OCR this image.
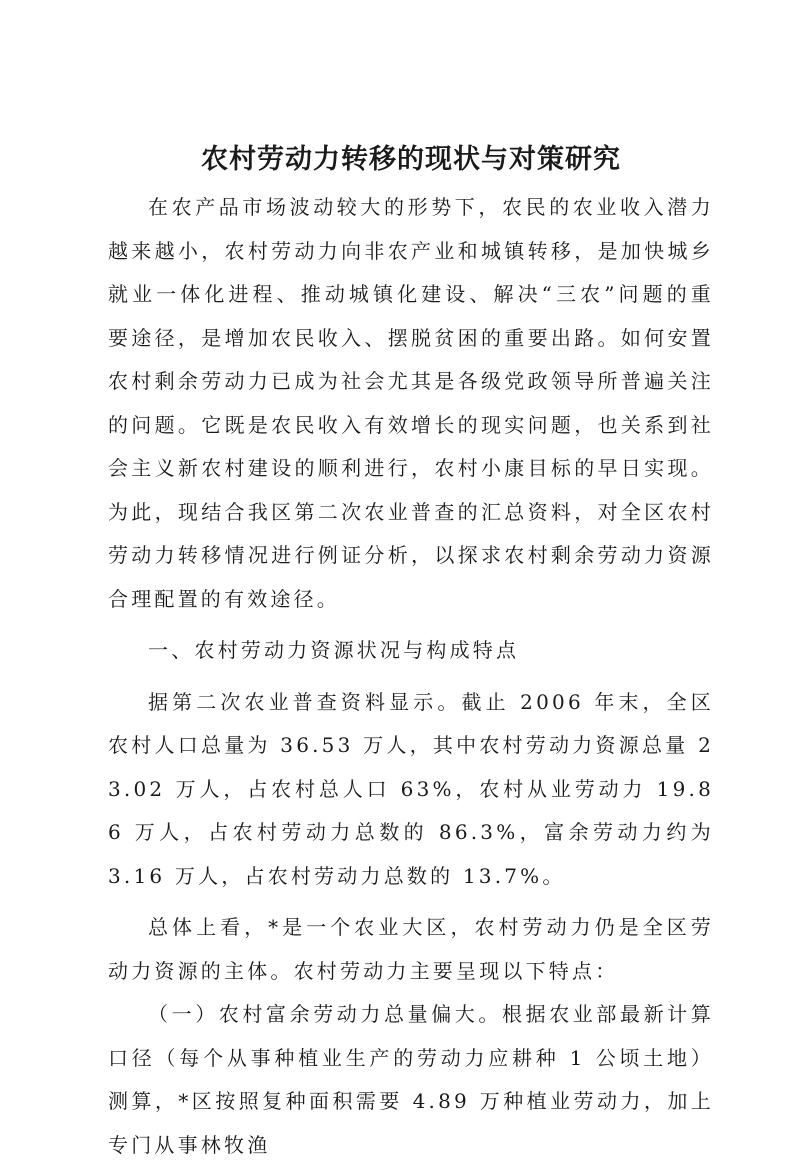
农村劳动力转移的现状与对策研究

在农产品市场波动较大的形势下，农民的农业收入潜力越来越小，农村劳动力向非农产业和城镇转移，是加快城乡就业一体化进程、推动城镇化建设、解决“三农”问题的重要途径，是增加农民收入、摆脱贫困的重要出路。如何安置农村剩余劳动力已成为社会尤其是各级党政领导所普遍关注的问题。它既是农民收入有效增长的现实问题，也关系到社会主义新农村建设的顺利进行，农村小康目标的早日实现。为此，现结合我区第二次农业普查的汇总资料，对全区农村劳动力转移情况进行例证分析，以探求农村剩余劳动力资源合理配置的有效途径。

一、农村劳动力资源状况与构成特点

据第二次农业普查资料显示。截止 2006 年末，全区农村人口总量为 36.53 万人，其中农村劳动力资源总量 23.02 万人，占农村总人口 63%，农村从业劳动力 19.86 万人，占农村劳动力总数的 86.3%，富余劳动力约为 3.16 万人，占农村劳动力总数的 13.7%。

总体上看，*是一个农业大区，农村劳动力仍是全区劳动力资源的主体。农村劳动力主要呈现以下特点：

（一）农村富余劳动力总量偏大。根据农业部最新计算口径（每个从事种植业生产的劳动力应耕种 1 公顷土地）测算，*区按照复种面积需要 4.89 万种植业劳动力，加上专门从事林牧渔
